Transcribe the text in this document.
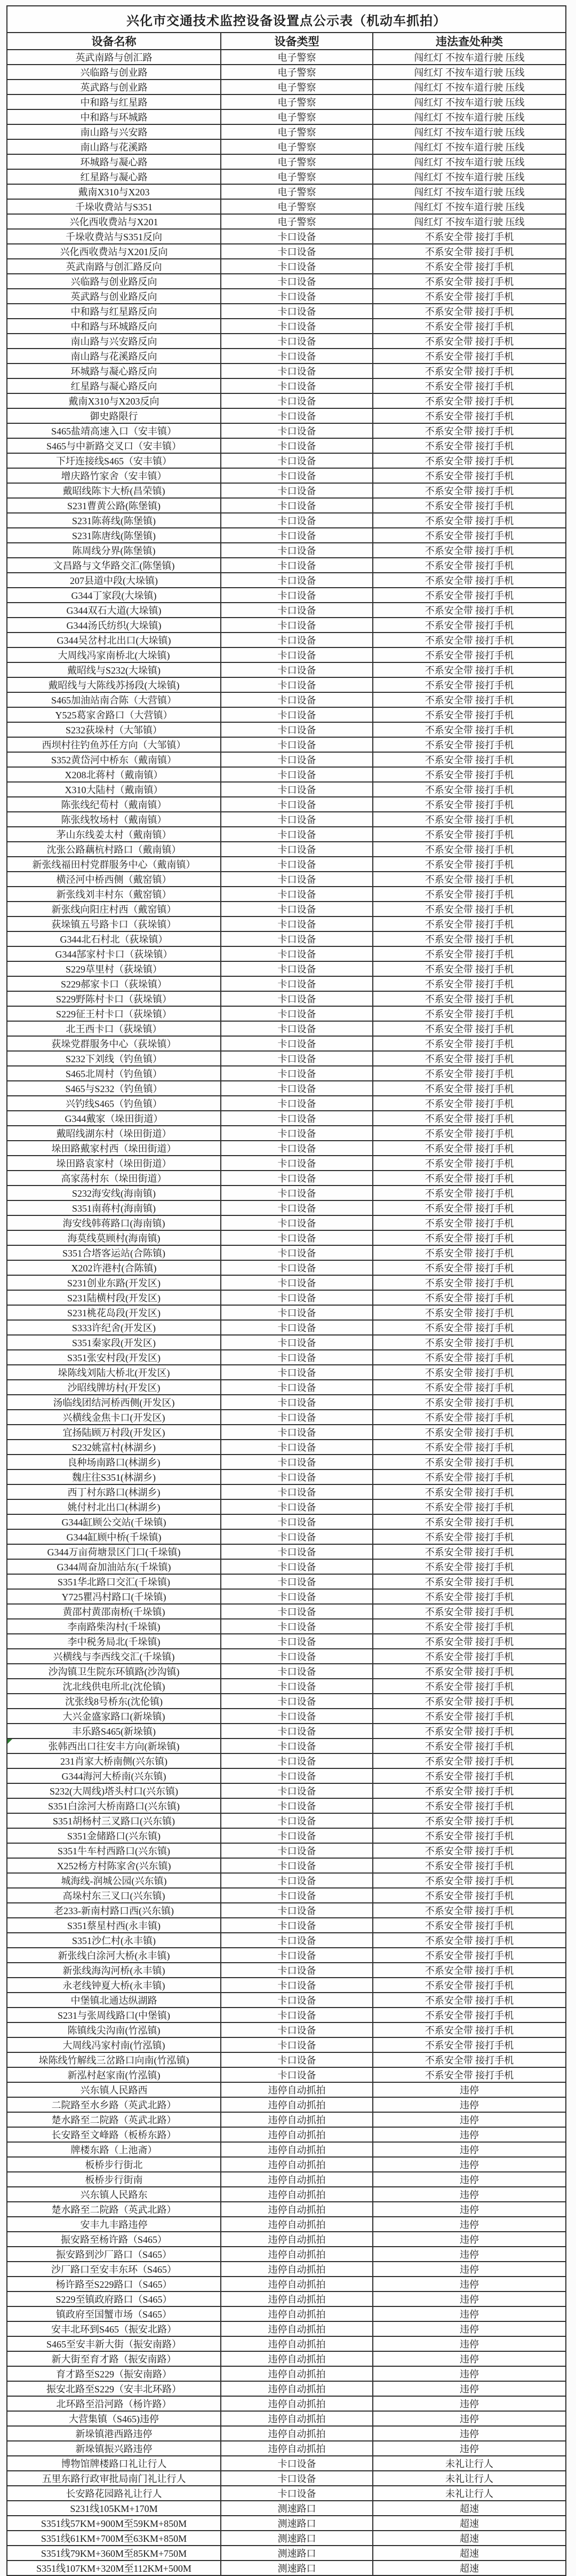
兴化市交通技术监控设备设置点公示表（机动车抓拍）		
设备名称	设备类型	违法查处种类
英武南路与创汇路	电子警察	闯红灯 不按车道行驶 压线
兴临路与创业路	电子警察	闯红灯 不按车道行驶 压线
英武路与创业路	电子警察	闯红灯 不按车道行驶 压线
中和路与红星路	电子警察	闯红灯 不按车道行驶 压线
中和路与环城路	电子警察	闯红灯 不按车道行驶 压线
南山路与兴安路	电子警察	闯红灯 不按车道行驶 压线
南山路与花溪路	电子警察	闯红灯 不按车道行驶 压线
环城路与凝心路	电子警察	闯红灯 不按车道行驶 压线
红星路与凝心路	电子警察	闯红灯 不按车道行驶 压线
戴南X310与X203	电子警察	闯红灯 不按车道行驶 压线
千垛收费站与S351	电子警察	闯红灯 不按车道行驶 压线
兴化西收费站与X201	电子警察	闯红灯 不按车道行驶 压线
千垛收费站与S351反向	卡口设备	不系安全带 接打手机
兴化西收费站与X201反向	卡口设备	不系安全带 接打手机
英武南路与创汇路反向	卡口设备	不系安全带 接打手机
兴临路与创业路反向	卡口设备	不系安全带 接打手机
英武路与创业路反向	卡口设备	不系安全带 接打手机
中和路与红星路反向	卡口设备	不系安全带 接打手机
中和路与环城路反向	卡口设备	不系安全带 接打手机
南山路与兴安路反向	卡口设备	不系安全带 接打手机
南山路与花溪路反向	卡口设备	不系安全带 接打手机
环城路与凝心路反向	卡口设备	不系安全带 接打手机
红星路与凝心路反向	卡口设备	不系安全带 接打手机
戴南X310与X203反向	卡口设备	不系安全带 接打手机
御史路限行	卡口设备	不系安全带 接打手机
S465盐靖高速入口（安丰镇）	卡口设备	不系安全带 接打手机
S465与中新路交叉口（安丰镇）	卡口设备	不系安全带 接打手机
下圩连接线S465（安丰镇）	卡口设备	不系安全带 接打手机
增庆路竹家舍（安丰镇）	卡口设备	不系安全带 接打手机
戴昭线陈卞大桥(昌荣镇)	卡口设备	不系安全带 接打手机
S231曹黄公路(陈堡镇)	卡口设备	不系安全带 接打手机
S231陈蒋线(陈堡镇)	卡口设备	不系安全带 接打手机
S231陈唐线(陈堡镇)	卡口设备	不系安全带 接打手机
陈周线分界(陈堡镇)	卡口设备	不系安全带 接打手机
文昌路与文华路交汇(陈堡镇)	卡口设备	不系安全带 接打手机
207县道中段(大垛镇)	卡口设备	不系安全带 接打手机
G344丁家段(大垛镇)	卡口设备	不系安全带 接打手机
G344双石大道(大垛镇)	卡口设备	不系安全带 接打手机
G344汤氏纺织(大垛镇)	卡口设备	不系安全带 接打手机
G344吴岔村北出口(大垛镇)	卡口设备	不系安全带 接打手机
大周线冯家南桥北(大垛镇)	卡口设备	不系安全带 接打手机
戴昭线与S232(大垛镇)	卡口设备	不系安全带 接打手机
戴昭线与大陈线苏扬段(大垛镇)	卡口设备	不系安全带 接打手机
S465加油站南合陈（大营镇）	卡口设备	不系安全带 接打手机
Y525葛家舍路口（大营镇）	卡口设备	不系安全带 接打手机
S232荻垛村（大邹镇）	卡口设备	不系安全带 接打手机
西坝村往钓鱼苏任方向（大邹镇）	卡口设备	不系安全带 接打手机
S352黄岱河中桥东（戴南镇）	卡口设备	不系安全带 接打手机
X208北蒋村（戴南镇）	卡口设备	不系安全带 接打手机
X310大陆村（戴南镇）	卡口设备	不系安全带 接打手机
陈张线纪荀村（戴南镇）	卡口设备	不系安全带 接打手机
陈张线牧场村（戴南镇）	卡口设备	不系安全带 接打手机
茅山东线姜太村（戴南镇）	卡口设备	不系安全带 接打手机
沈张公路藕杭村路口（戴南镇）	卡口设备	不系安全带 接打手机
新张线福田村党群服务中心（戴南镇）	卡口设备	不系安全带 接打手机
横泾河中桥西侧（戴窑镇）	卡口设备	不系安全带 接打手机
新张线刘丰村东（戴窑镇）	卡口设备	不系安全带 接打手机
新张线向阳庄村西（戴窑镇）	卡口设备	不系安全带 接打手机
荻垛镇五号路卡口（荻垛镇）	卡口设备	不系安全带 接打手机
G344北石村北（荻垛镇）	卡口设备	不系安全带 接打手机
G344郜家村卡口（荻垛镇）	卡口设备	不系安全带 接打手机
S229草里村（荻垛镇）	卡口设备	不系安全带 接打手机
S229郝家卡口（荻垛镇）	卡口设备	不系安全带 接打手机
S229野陈村卡口（荻垛镇）	卡口设备	不系安全带 接打手机
S229征王村卡口（荻垛镇）	卡口设备	不系安全带 接打手机
北王西卡口（荻垛镇）	卡口设备	不系安全带 接打手机
荻垛党群服务中心（荻垛镇）	卡口设备	不系安全带 接打手机
S232下刘线（钓鱼镇）	卡口设备	不系安全带 接打手机
S465北周村（钓鱼镇）	卡口设备	不系安全带 接打手机
S465与S232（钓鱼镇）	卡口设备	不系安全带 接打手机
兴钓线S465（钓鱼镇）	卡口设备	不系安全带 接打手机
G344戴家（垛田街道）	卡口设备	不系安全带 接打手机
戴昭线湖东村（垛田街道）	卡口设备	不系安全带 接打手机
垛田路戴家村西（垛田街道）	卡口设备	不系安全带 接打手机
垛田路袁家村（垛田街道）	卡口设备	不系安全带 接打手机
高家荡村东（垛田街道）	卡口设备	不系安全带 接打手机
S232海安线(海南镇)	卡口设备	不系安全带 接打手机
S351南蒋村(海南镇)	卡口设备	不系安全带 接打手机
海安线韩蒋路口(海南镇)	卡口设备	不系安全带 接打手机
海莫线莫顾村(海南镇)	卡口设备	不系安全带 接打手机
S351合塔客运站(合陈镇)	卡口设备	不系安全带 接打手机
X202许港村(合陈镇)	卡口设备	不系安全带 接打手机
S231创业东路(开发区)	卡口设备	不系安全带 接打手机
S231陆横村段(开发区)	卡口设备	不系安全带 接打手机
S231桃花岛段(开发区)	卡口设备	不系安全带 接打手机
S333许纪舍(开发区)	卡口设备	不系安全带 接打手机
S351秦家段(开发区)	卡口设备	不系安全带 接打手机
S351张安村段(开发区)	卡口设备	不系安全带 接打手机
垛陈线刘陆大桥北(开发区)	卡口设备	不系安全带 接打手机
沙昭线牌坊村(开发区)	卡口设备	不系安全带 接打手机
汤临线团结河桥西侧(开发区)	卡口设备	不系安全带 接打手机
兴横线金焦卡口(开发区)	卡口设备	不系安全带 接打手机
宜扬陆顾万村段(开发区)	卡口设备	不系安全带 接打手机
S232姚富村(林湖乡)	卡口设备	不系安全带 接打手机
良种场南路口(林湖乡)	卡口设备	不系安全带 接打手机
魏庄往S351(林湖乡)	卡口设备	不系安全带 接打手机
西丁村东路口(林湖乡)	卡口设备	不系安全带 接打手机
姚付村北出口(林湖乡)	卡口设备	不系安全带 接打手机
G344缸顾公交站(千垛镇)	卡口设备	不系安全带 接打手机
G344缸顾中桥(千垛镇)	卡口设备	不系安全带 接打手机
G344万亩荷塘景区门口(千垛镇)	卡口设备	不系安全带 接打手机
G344周奋加油站东(千垛镇)	卡口设备	不系安全带 接打手机
S351华北路口交汇(千垛镇)	卡口设备	不系安全带 接打手机
Y725瞿冯村路口(千垛镇)	卡口设备	不系安全带 接打手机
黄邵村黄邵南桥(千垛镇)	卡口设备	不系安全带 接打手机
李南路柴沟村(千垛镇)	卡口设备	不系安全带 接打手机
李中税务局北(千垛镇)	卡口设备	不系安全带 接打手机
兴横线与李西线交汇(千垛镇)	卡口设备	不系安全带 接打手机
沙沟镇卫生院东环镇路(沙沟镇)	卡口设备	不系安全带 接打手机
沈北线供电所北(沈伦镇)	卡口设备	不系安全带 接打手机
沈张线8号桥东(沈伦镇)	卡口设备	不系安全带 接打手机
大兴金盛家路口(新垛镇)	卡口设备	不系安全带 接打手机
丰乐路S465(新垛镇)	卡口设备	不系安全带 接打手机
张韩西出口往安丰方向(新垛镇)	卡口设备	不系安全带 接打手机
231肖家大桥南侧(兴东镇)	卡口设备	不系安全带 接打手机
G344海河大桥南(兴东镇)	卡口设备	不系安全带 接打手机
S232(大周线)塔头村口(兴东镇)	卡口设备	不系安全带 接打手机
S351白涂河大桥南路口(兴东镇)	卡口设备	不系安全带 接打手机
S351胡杨村三叉路口(兴东镇)	卡口设备	不系安全带 接打手机
S351金储路口(兴东镇)	卡口设备	不系安全带 接打手机
S351牛车村西路口(兴东镇)	卡口设备	不系安全带 接打手机
X252杨方村陈家舍(兴东镇)	卡口设备	不系安全带 接打手机
城海线-润城公园(兴东镇)	卡口设备	不系安全带 接打手机
高垛村东三叉口(兴东镇)	卡口设备	不系安全带 接打手机
老233-新南村路口西(兴东镇)	卡口设备	不系安全带 接打手机
S351蔡星村西(永丰镇)	卡口设备	不系安全带 接打手机
S351沙仁村(永丰镇)	卡口设备	不系安全带 接打手机
新张线白涂河大桥(永丰镇)	卡口设备	不系安全带 接打手机
新张线海沟河桥(永丰镇)	卡口设备	不系安全带 接打手机
永老线钟夏大桥(永丰镇)	卡口设备	不系安全带 接打手机
中堡镇北通达纵湖路	卡口设备	不系安全带 接打手机
S231与张周线路口(中堡镇)	卡口设备	不系安全带 接打手机
陈镇线尖沟南(竹泓镇)	卡口设备	不系安全带 接打手机
大周线冯家村南(竹泓镇)	卡口设备	不系安全带 接打手机
垛陈线竹解线三岔路口向南(竹泓镇)	卡口设备	不系安全带 接打手机
新泓村赵家南(竹泓镇)	卡口设备	不系安全带 接打手机
兴东镇人民路西	违停自动抓拍	违停
二院路至水乡路（英武北路）	违停自动抓拍	违停
楚水路至二院路（英武北路）	违停自动抓拍	违停
长安路至文峰路（板桥东路）	违停自动抓拍	违停
牌楼东路（上池斋）	违停自动抓拍	违停
板桥步行街北	违停自动抓拍	违停
板桥步行街南	违停自动抓拍	违停
兴东镇人民路东	违停自动抓拍	违停
楚水路至二院路（英武北路）	违停自动抓拍	违停
安丰九丰路违停	违停自动抓拍	违停
振安路至杨许路（S465）	违停自动抓拍	违停
振安路到沙厂路口（S465）	违停自动抓拍	违停
沙厂路口至安丰东环（S465）	违停自动抓拍	违停
杨许路至S229路口（S465）	违停自动抓拍	违停
S229至镇政府路口（S465）	违停自动抓拍	违停
镇政府至国蟹市场（S465）	违停自动抓拍	违停
安丰北环到S465（振安北路）	违停自动抓拍	违停
S465至安丰新大街（振安南路）	违停自动抓拍	违停
新大街至育才路（振安南路）	违停自动抓拍	违停
育才路至S229（振安南路）	违停自动抓拍	违停
振安北路至S229（安丰北环路）	违停自动抓拍	违停
北环路至沿河路（杨许路）	违停自动抓拍	违停
大营集镇（S465)违停	违停自动抓拍	违停
新垛镇港西路违停	违停自动抓拍	违停
新垛镇振兴路违停	违停自动抓拍	违停
博物馆牌楼路口礼让行人	卡口设备	未礼让行人
五里东路行政审批局南门礼让行人	卡口设备	未礼让行人
长安路花园路礼让行人	卡口设备	未礼让行人
S231线105KM+170M	测速路口	超速
S351线57KM+900M至59KM+850M	测速路口	超速
S351线61KM+700M至63KM+850M	测速路口	超速
S351线79KM+360M至85KM+750M	测速路口	超速
S351线107KM+320M至112KM+500M	测速路口	超速
